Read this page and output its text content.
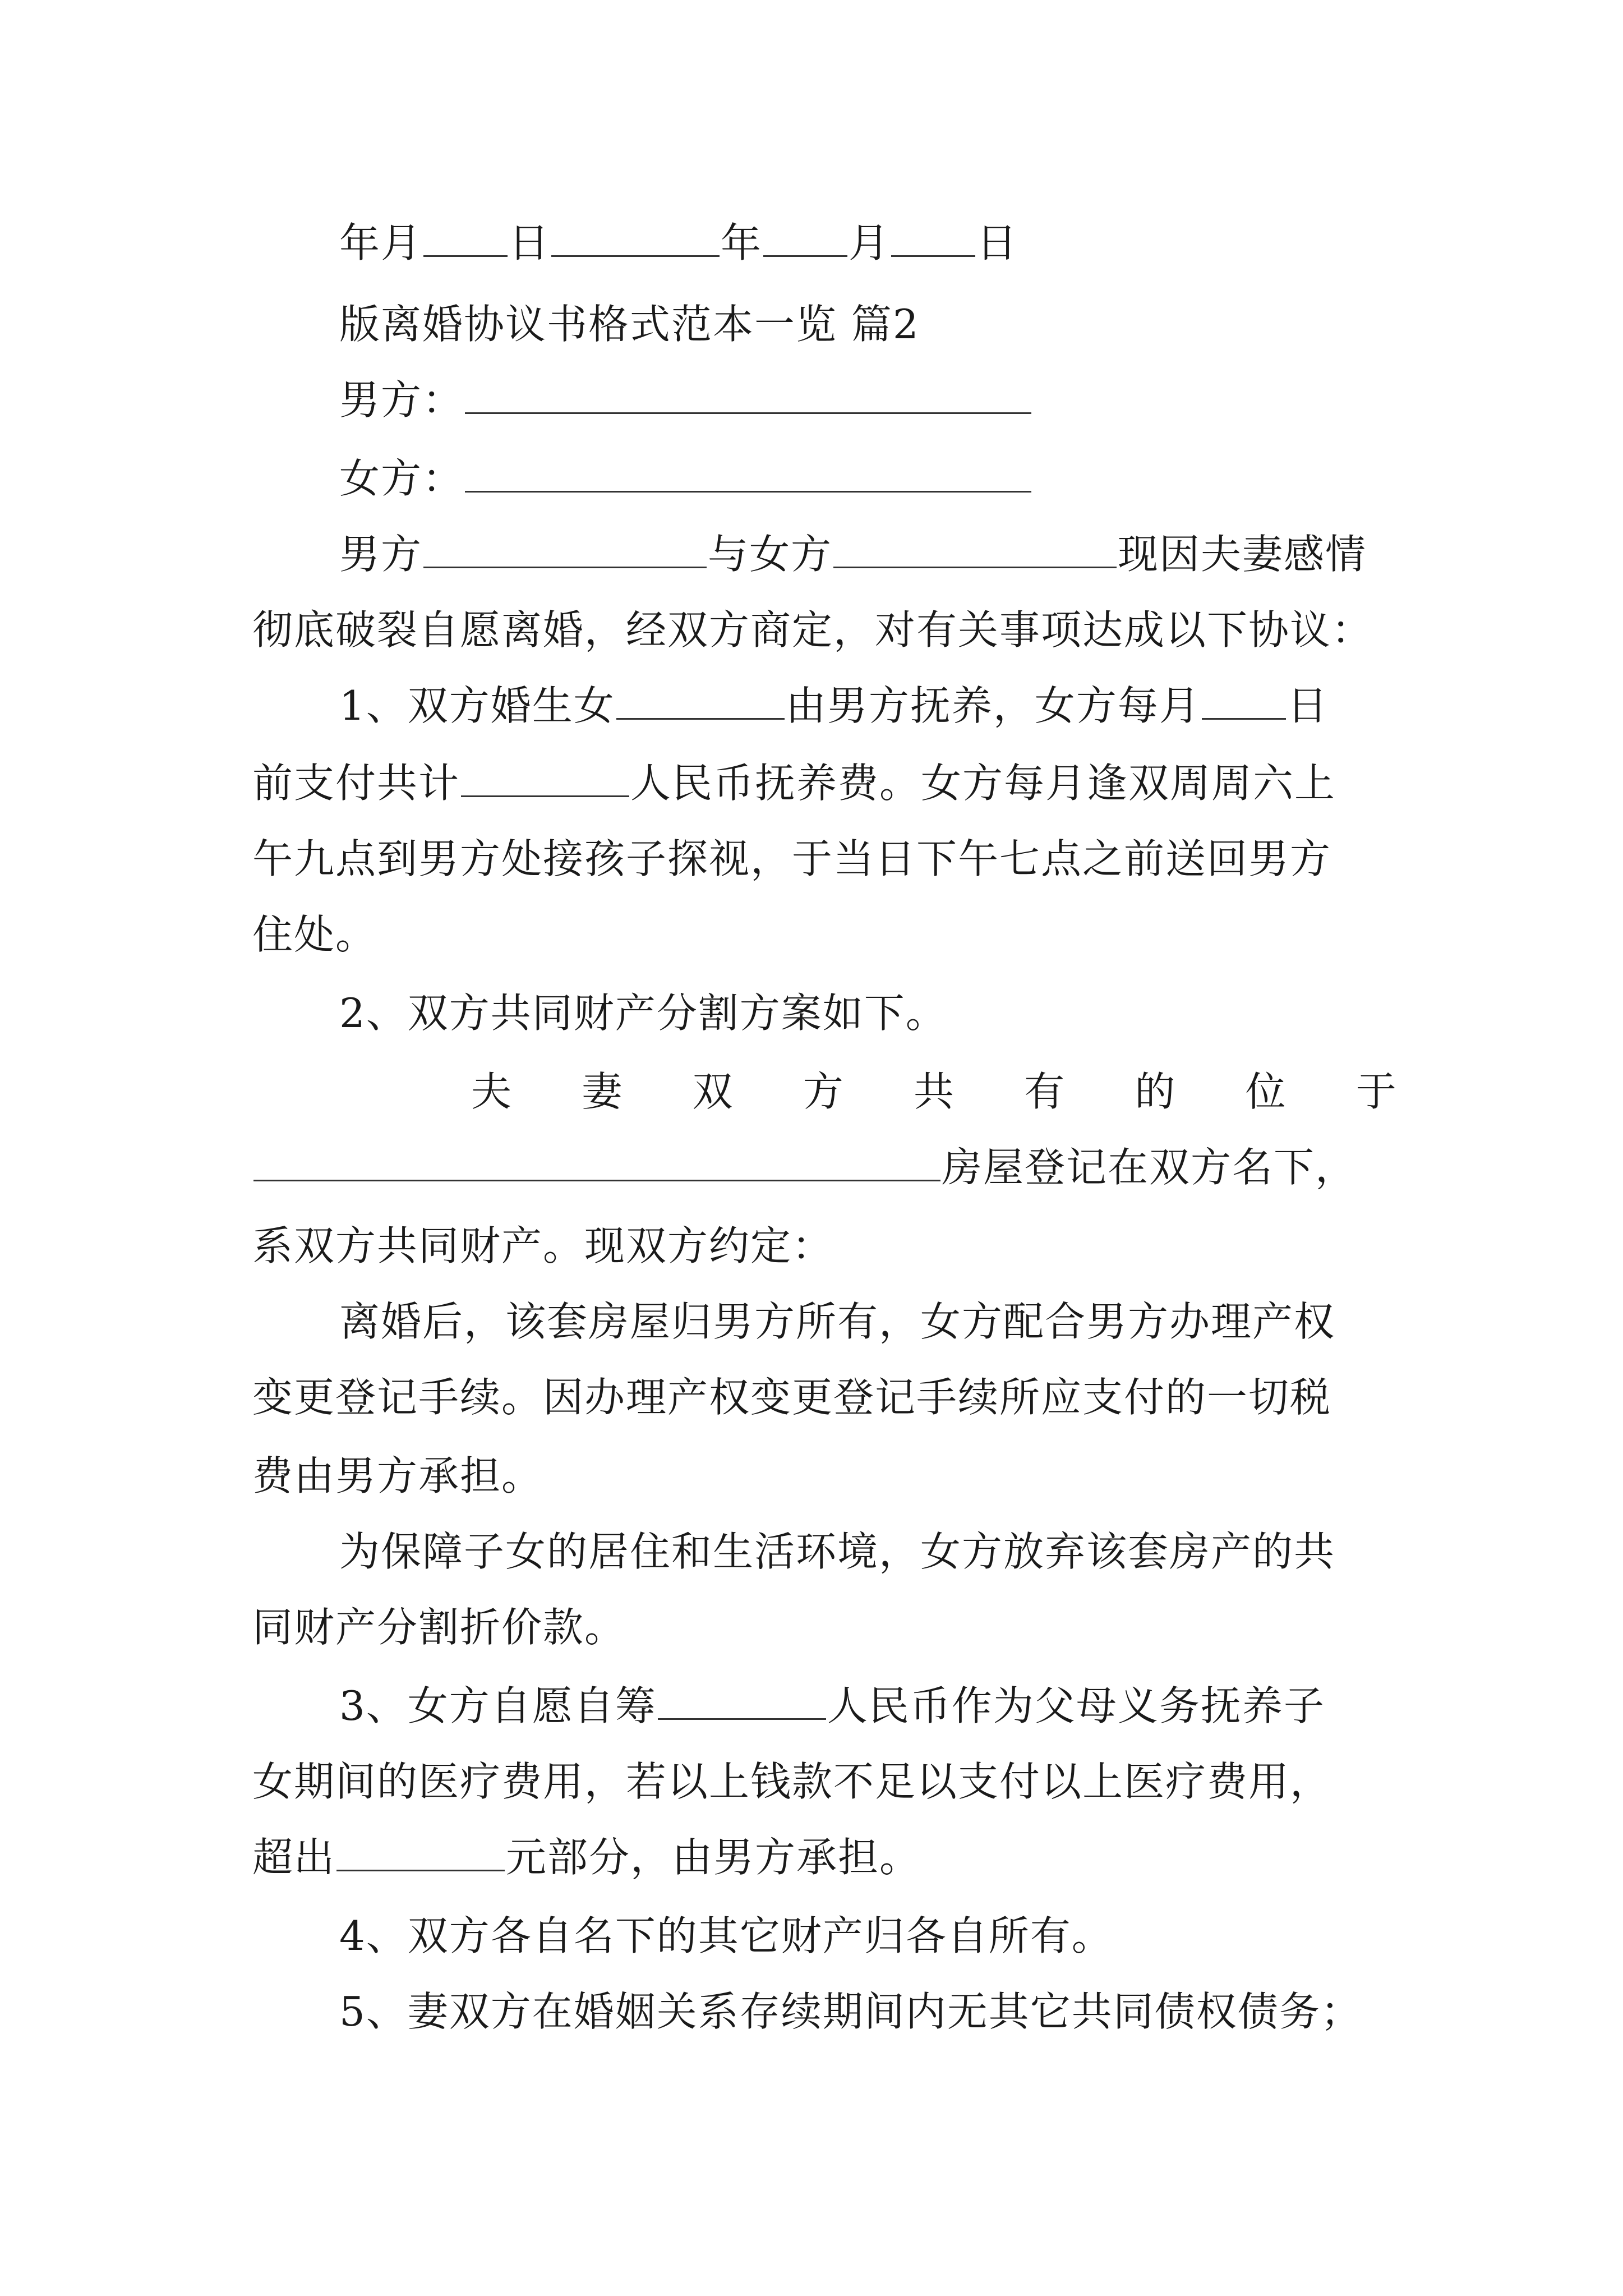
年月 日	年 月 日
版离婚协议书格式范本一览 篇2
男方：
女方：
男方	与女方	现因夫妻感情
彻底破裂自愿离婚，经双方商定，对有关事项达成以下协议：
1、双方婚生女	由男方抚养，女方每月 日
前支付共计	人民币抚养费。女方每月逢双周周六上
午九点到男方处接孩子探视，于当日下午七点之前送回男方
住处。
2、双方共同财产分割方案如下。
夫 妻 双 方 共 有 的 位 于
房屋登记在双方名下，
系双方共同财产。现双方约定：
离婚后，该套房屋归男方所有，女方配合男方办理产权
变更登记手续。因办理产权变更登记手续所应支付的一切税
费由男方承担。
为保障子女的居住和生活环境，女方放弃该套房产的共
同财产分割折价款。
3、女方自愿自筹	人民币作为父母义务抚养子
女期间的医疗费用，若以上钱款不足以支付以上医疗费用，
超出	元部分，由男方承担。
4、双方各自名下的其它财产归各自所有。
5、妻双方在婚姻关系存续期间内无其它共同债权债务；
